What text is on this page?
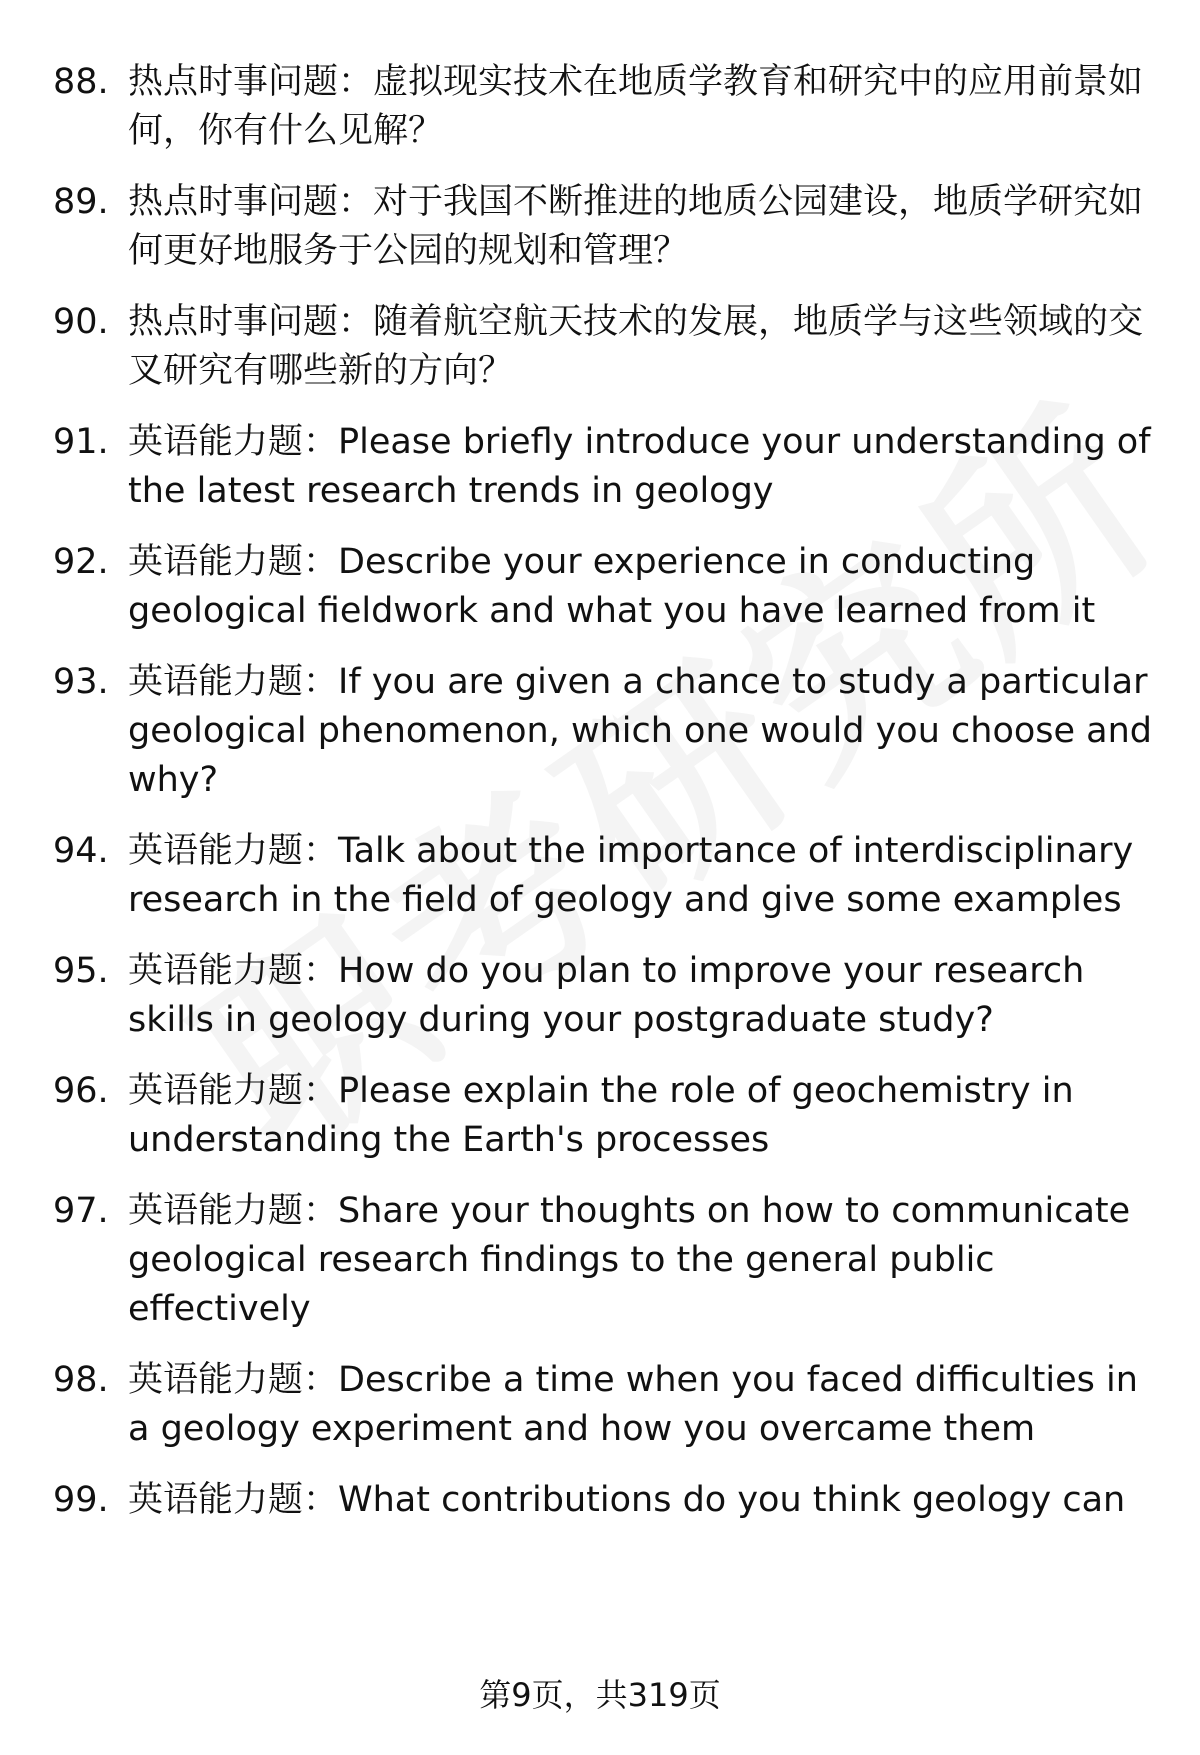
88. 热点时事问题：虚拟现实技术在地质学教育和研究中的应用前景如何，你有什么见解？
89. 热点时事问题：对于我国不断推进的地质公园建设，地质学研究如何更好地服务于公园的规划和管理？
90. 热点时事问题：随着航空航天技术的发展，地质学与这些领域的交叉研究有哪些新的方向？
91. 英语能力题：Please briefly introduce your understanding of the latest research trends in geology
92. 英语能力题：Describe your experience in conducting geological fieldwork and what you have learned from it
93. 英语能力题：If you are given a chance to study a particular geological phenomenon, which one would you choose and why?
94. 英语能力题：Talk about the importance of interdisciplinary research in the field of geology and give some examples
95. 英语能力题：How do you plan to improve your research skills in geology during your postgraduate study?
96. 英语能力题：Please explain the role of geochemistry in understanding the Earth's processes
97. 英语能力题：Share your thoughts on how to communicate geological research findings to the general public effectively
98. 英语能力题：Describe a time when you faced difficulties in a geology experiment and how you overcame them
99. 英语能力题：What contributions do you think geology can
第9页，共319页
